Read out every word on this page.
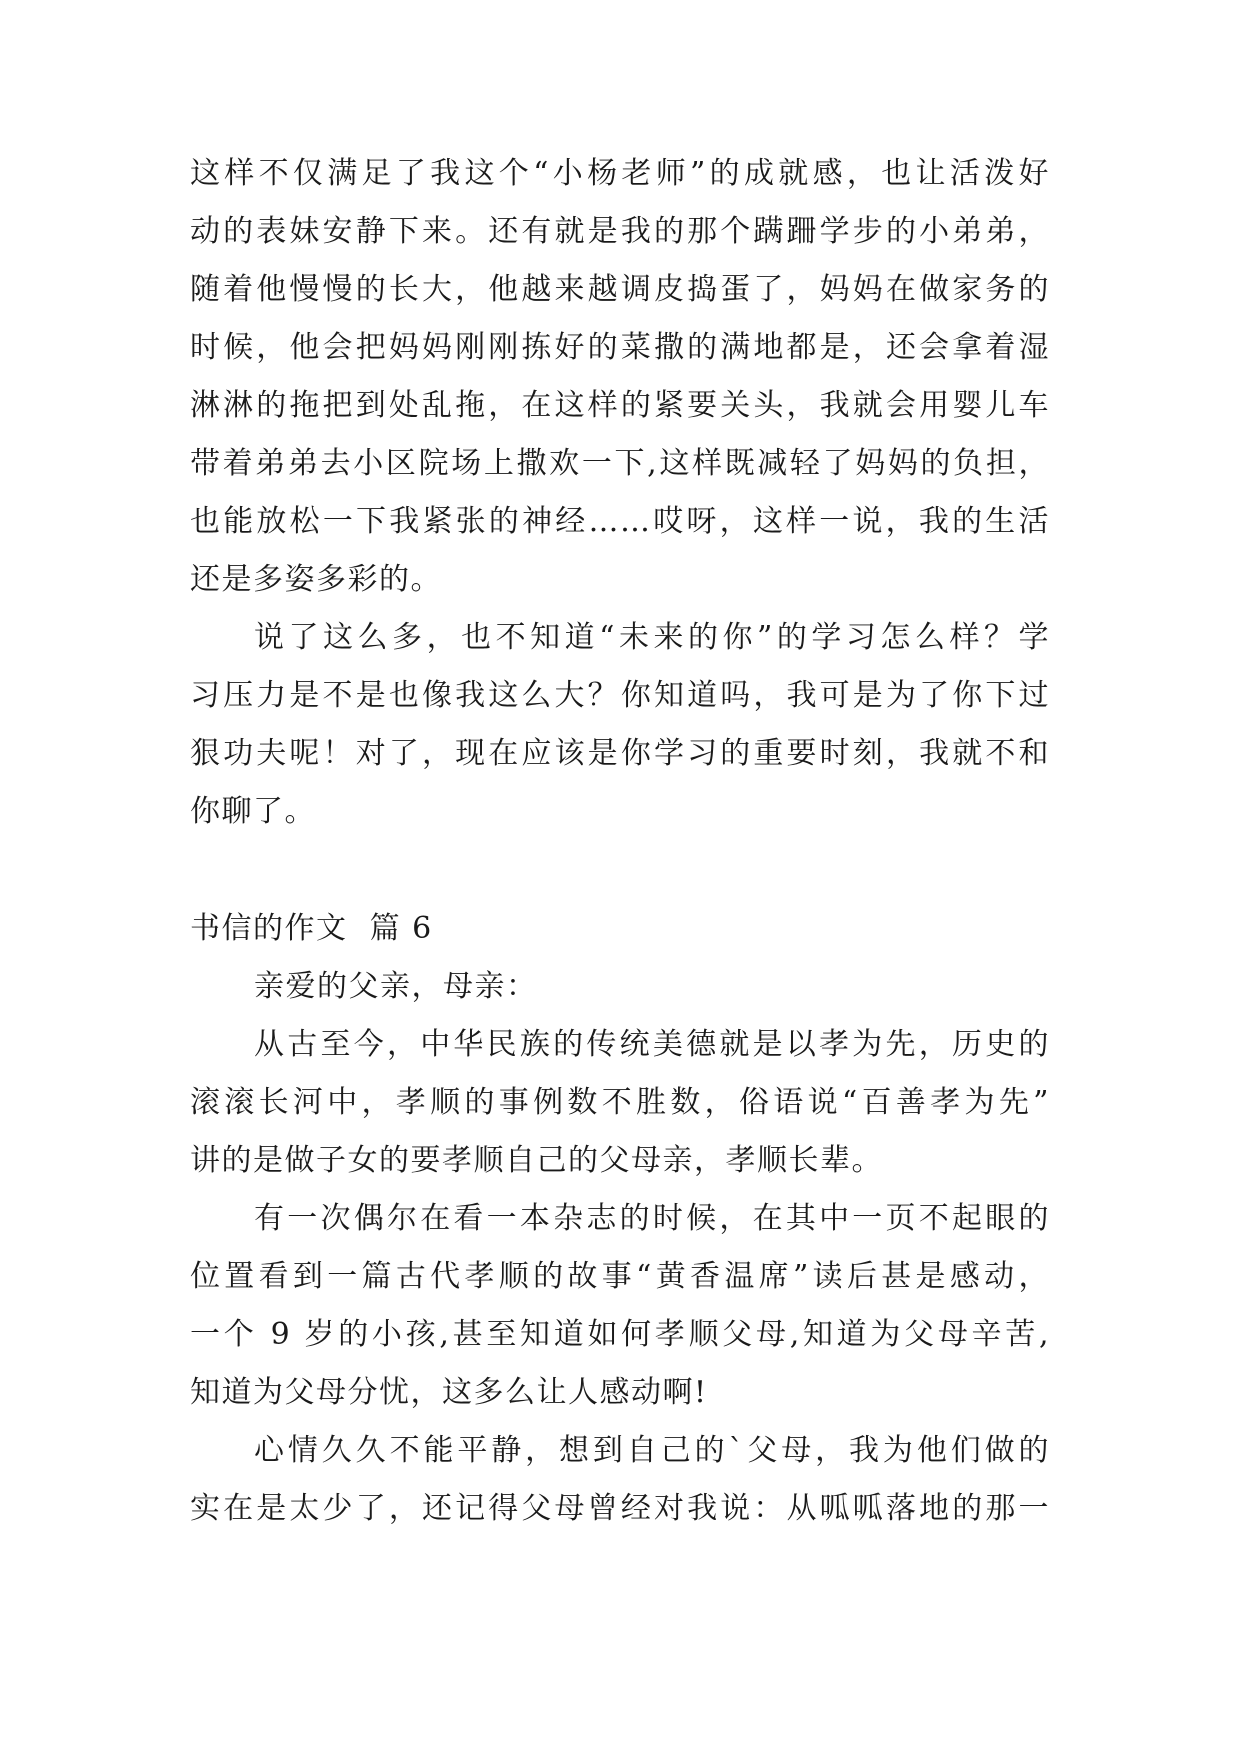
这样不仅满足了我这个“小杨老师”的成就感，也让活泼好
动的表妹安静下来。还有就是我的那个蹒跚学步的小弟弟，
随着他慢慢的长大，他越来越调皮捣蛋了，妈妈在做家务的
时候，他会把妈妈刚刚拣好的菜撒的满地都是，还会拿着湿
淋淋的拖把到处乱拖，在这样的紧要关头，我就会用婴儿车
带着弟弟去小区院场上撒欢一下,这样既减轻了妈妈的负担，
也能放松一下我紧张的神经……哎呀，这样一说，我的生活
还是多姿多彩的。
说了这么多，也不知道“未来的你”的学习怎么样？学
习压力是不是也像我这么大？你知道吗，我可是为了你下过
狠功夫呢！对了，现在应该是你学习的重要时刻，我就不和
你聊了。
书信的作文  篇 6
亲爱的父亲，母亲：
从古至今，中华民族的传统美德就是以孝为先，历史的
滚滚长河中，孝顺的事例数不胜数，俗语说“百善孝为先”
讲的是做子女的要孝顺自己的父母亲，孝顺长辈。
有一次偶尔在看一本杂志的时候，在其中一页不起眼的
位置看到一篇古代孝顺的故事“黄香温席”读后甚是感动，
一个 9 岁的小孩,甚至知道如何孝顺父母,知道为父母辛苦,
知道为父母分忧，这多么让人感动啊!
心情久久不能平静，想到自己的`父母，我为他们做的
实在是太少了，还记得父母曾经对我说：从呱呱落地的那一
